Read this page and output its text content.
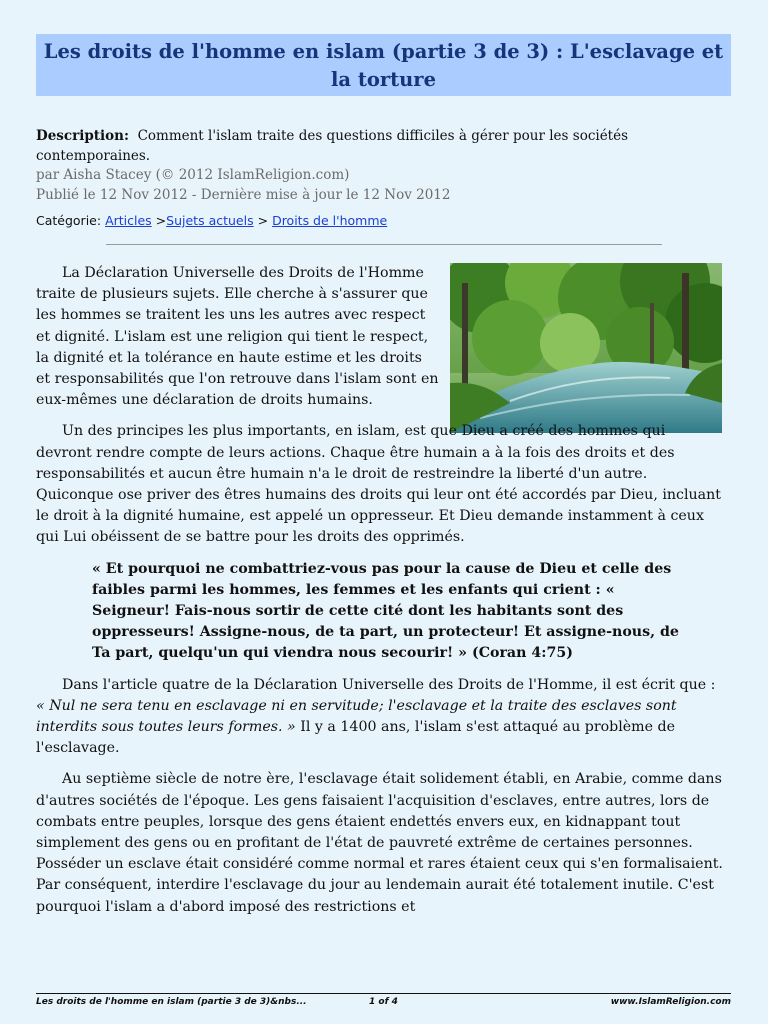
Les droits de l'homme en islam (partie 3 de 3) : L'esclavage et la torture
Description: Comment l'islam traite des questions difficiles à gérer pour les sociétés contemporaines.
par Aisha Stacey (© 2012 IslamReligion.com)
Publié le 12 Nov 2012 - Dernière mise à jour le 12 Nov 2012
Catégorie: Articles >Sujets actuels > Droits de l'homme

La Déclaration Universelle des Droits de l'Homme traite de plusieurs sujets. Elle cherche à s'assurer que les hommes se traitent les uns les autres avec respect et dignité. L'islam est une religion qui tient le respect, la dignité et la tolérance en haute estime et les droits et responsabilités que l'on retrouve dans l'islam sont en eux-mêmes une déclaration de droits humains.

Un des principes les plus importants, en islam, est que Dieu a créé des hommes qui devront rendre compte de leurs actions. Chaque être humain a à la fois des droits et des responsabilités et aucun être humain n'a le droit de restreindre la liberté d'un autre. Quiconque ose priver des êtres humains des droits qui leur ont été accordés par Dieu, incluant le droit à la dignité humaine, est appelé un oppresseur. Et Dieu demande instamment à ceux qui Lui obéissent de se battre pour les droits des opprimés.

« Et pourquoi ne combattriez-vous pas pour la cause de Dieu et celle des faibles parmi les hommes, les femmes et les enfants qui crient : « Seigneur! Fais-nous sortir de cette cité dont les habitants sont des oppresseurs! Assigne-nous, de ta part, un protecteur! Et assigne-nous, de Ta part, quelqu'un qui viendra nous secourir! » (Coran 4:75)

Dans l'article quatre de la Déclaration Universelle des Droits de l'Homme, il est écrit que : « Nul ne sera tenu en esclavage ni en servitude; l'esclavage et la traite des esclaves sont interdits sous toutes leurs formes. » Il y a 1400 ans, l'islam s'est attaqué au problème de l'esclavage.

Au septième siècle de notre ère, l'esclavage était solidement établi, en Arabie, comme dans d'autres sociétés de l'époque. Les gens faisaient l'acquisition d'esclaves, entre autres, lors de combats entre peuples, lorsque des gens étaient endettés envers eux, en kidnappant tout simplement des gens ou en profitant de l'état de pauvreté extrême de certaines personnes. Posséder un esclave était considéré comme normal et rares étaient ceux qui s'en formalisaient. Par conséquent, interdire l'esclavage du jour au lendemain aurait été totalement inutile. C'est pourquoi l'islam a d'abord imposé des restrictions et

Les droits de l'homme en islam (partie 3 de 3)&nbs...	1 of 4	www.IslamReligion.com
